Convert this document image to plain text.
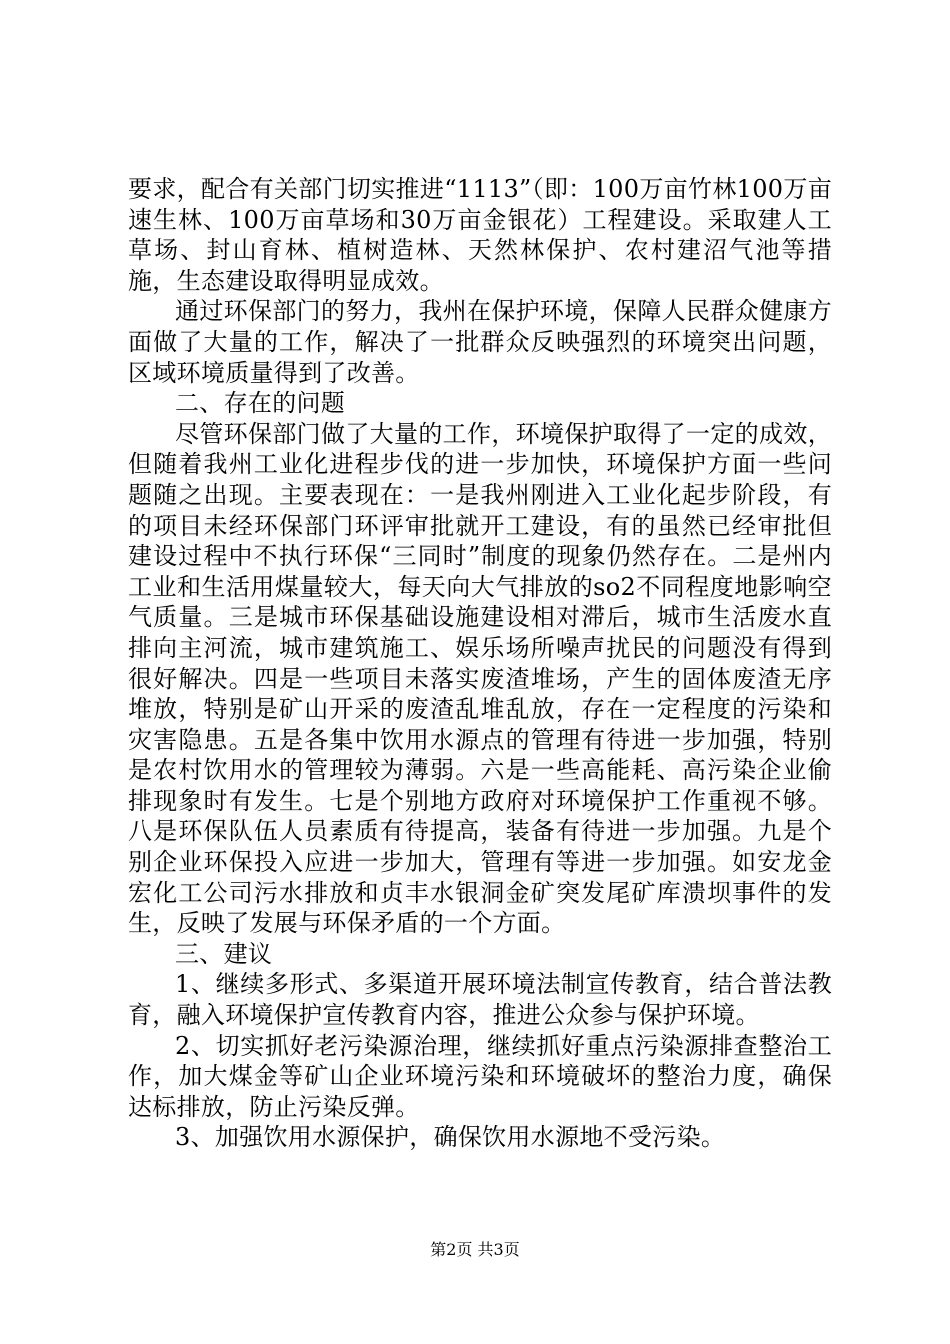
要求，配合有关部门切实推进“1113”（即：100万亩竹林100万亩速生林、100万亩草场和30万亩金银花）工程建设。采取建人工草场、封山育林、植树造林、天然林保护、农村建沼气池等措施，生态建设取得明显成效。

通过环保部门的努力，我州在保护环境，保障人民群众健康方面做了大量的工作，解决了一批群众反映强烈的环境突出问题，区域环境质量得到了改善。

二、存在的问题

尽管环保部门做了大量的工作，环境保护取得了一定的成效，但随着我州工业化进程步伐的进一步加快，环境保护方面一些问题随之出现。主要表现在：一是我州刚进入工业化起步阶段，有的项目未经环保部门环评审批就开工建设，有的虽然已经审批但建设过程中不执行环保“三同时”制度的现象仍然存在。二是州内工业和生活用煤量较大，每天向大气排放的so2不同程度地影响空气质量。三是城市环保基础设施建设相对滞后，城市生活废水直排向主河流，城市建筑施工、娱乐场所噪声扰民的问题没有得到很好解决。四是一些项目未落实废渣堆场，产生的固体废渣无序堆放，特别是矿山开采的废渣乱堆乱放，存在一定程度的污染和灾害隐患。五是各集中饮用水源点的管理有待进一步加强，特别是农村饮用水的管理较为薄弱。六是一些高能耗、高污染企业偷排现象时有发生。七是个别地方政府对环境保护工作重视不够。八是环保队伍人员素质有待提高，装备有待进一步加强。九是个别企业环保投入应进一步加大，管理有等进一步加强。如安龙金宏化工公司污水排放和贞丰水银洞金矿突发尾矿库溃坝事件的发生，反映了发展与环保矛盾的一个方面。

三、建议

1、继续多形式、多渠道开展环境法制宣传教育，结合普法教育，融入环境保护宣传教育内容，推进公众参与保护环境。

2、切实抓好老污染源治理，继续抓好重点污染源排查整治工作，加大煤金等矿山企业环境污染和环境破坏的整治力度，确保达标排放，防止污染反弹。

3、加强饮用水源保护，确保饮用水源地不受污染。

第2页 共3页
